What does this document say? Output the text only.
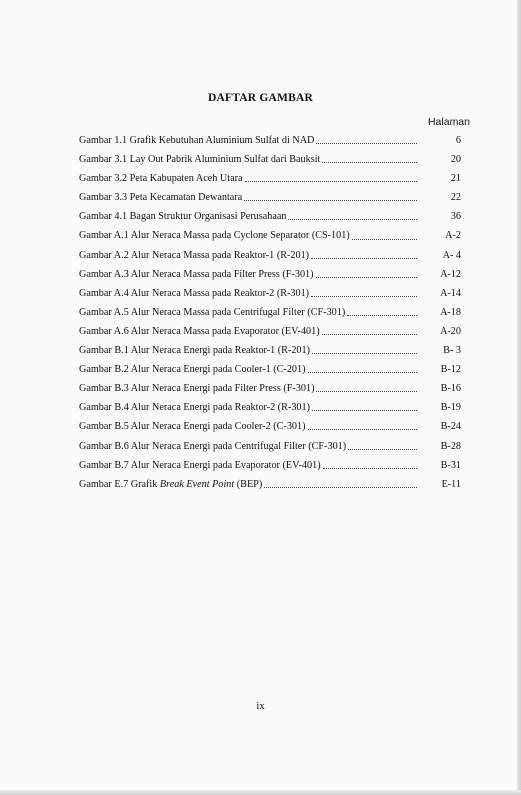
DAFTAR GAMBAR
Halaman
Gambar 1.1 Grafik Kebutuhan Aluminium Sulfat di NAD	6
Gambar 3.1 Lay Out Pabrik Aluminium Sulfat dari Bauksit	20
Gambar 3.2 Peta Kabupaten Aceh Utara	21
Gambar 3.3 Peta Kecamatan Dewantara	22
Gambar 4.1 Bagan Struktur Organisasi Perusahaan	36
Gambar A.1 Alur Neraca Massa pada Cyclone Separator (CS-101)	A-2
Gambar A.2 Alur Neraca Massa pada Reaktor-1 (R-201)	A- 4
Gambar A.3 Alur Neraca Massa pada Filter Press (F-301)	A-12
Gambar A.4 Alur Neraca Massa pada Reaktor-2 (R-301)	A-14
Gambar A.5 Alur Neraca Massa pada Centrifugal Filter (CF-301)	A-18
Gambar A.6 Alur Neraca Massa pada Evaporator (EV-401)	A-20
Gambar B.1 Alur Neraca Energi pada Reaktor-1 (R-201)	B- 3
Gambar B.2 Alur Neraca Energi pada Cooler-1 (C-201)	B-12
Gambar B.3 Alur Neraca Energi pada Filter Press (F-301)	B-16
Gambar B.4 Alur Neraca Energi pada Reaktor-2 (R-301)	B-19
Gambar B.5 Alur Neraca Energi pada Cooler-2 (C-301)	B-24
Gambar B.6 Alur Neraca Energi pada Centrifugal Filter (CF-301)	B-28
Gambar B.7 Alur Neraca Energi pada Evaporator (EV-401)	B-31
Gambar E.7 Grafik Break Event Point (BEP)	E-11
ix
